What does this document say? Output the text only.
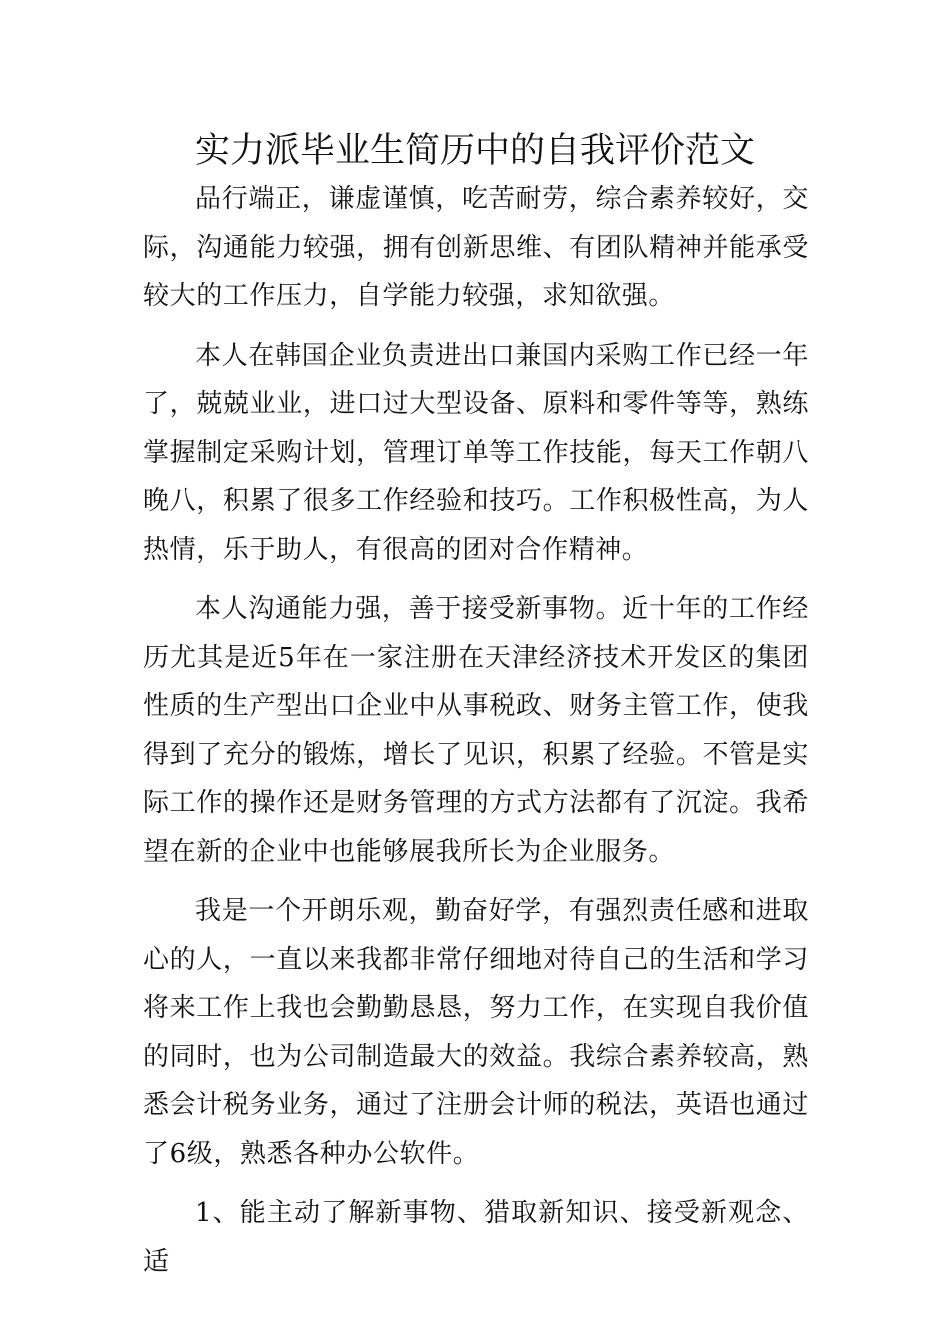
实力派毕业生简历中的自我评价范文

品行端正，谦虚谨慎，吃苦耐劳，综合素养较好，交际，沟通能力较强，拥有创新思维、有团队精神并能承受较大的工作压力，自学能力较强，求知欲强。

本人在韩国企业负责进出口兼国内采购工作已经一年了，兢兢业业，进口过大型设备、原料和零件等等，熟练掌握制定采购计划，管理订单等工作技能，每天工作朝八晚八，积累了很多工作经验和技巧。工作积极性高，为人热情，乐于助人，有很高的团对合作精神。

本人沟通能力强，善于接受新事物。近十年的工作经历尤其是近5年在一家注册在天津经济技术开发区的集团性质的生产型出口企业中从事税政、财务主管工作，使我得到了充分的锻炼，增长了见识，积累了经验。不管是实际工作的操作还是财务管理的方式方法都有了沉淀。我希望在新的企业中也能够展我所长为企业服务。

我是一个开朗乐观，勤奋好学，有强烈责任感和进取心的人，一直以来我都非常仔细地对待自己的生活和学习将来工作上我也会勤勤恳恳，努力工作，在实现自我价值的同时，也为公司制造最大的效益。我综合素养较高，熟悉会计税务业务，通过了注册会计师的税法，英语也通过了6级，熟悉各种办公软件。

1、能主动了解新事物、猎取新知识、接受新观念、适
